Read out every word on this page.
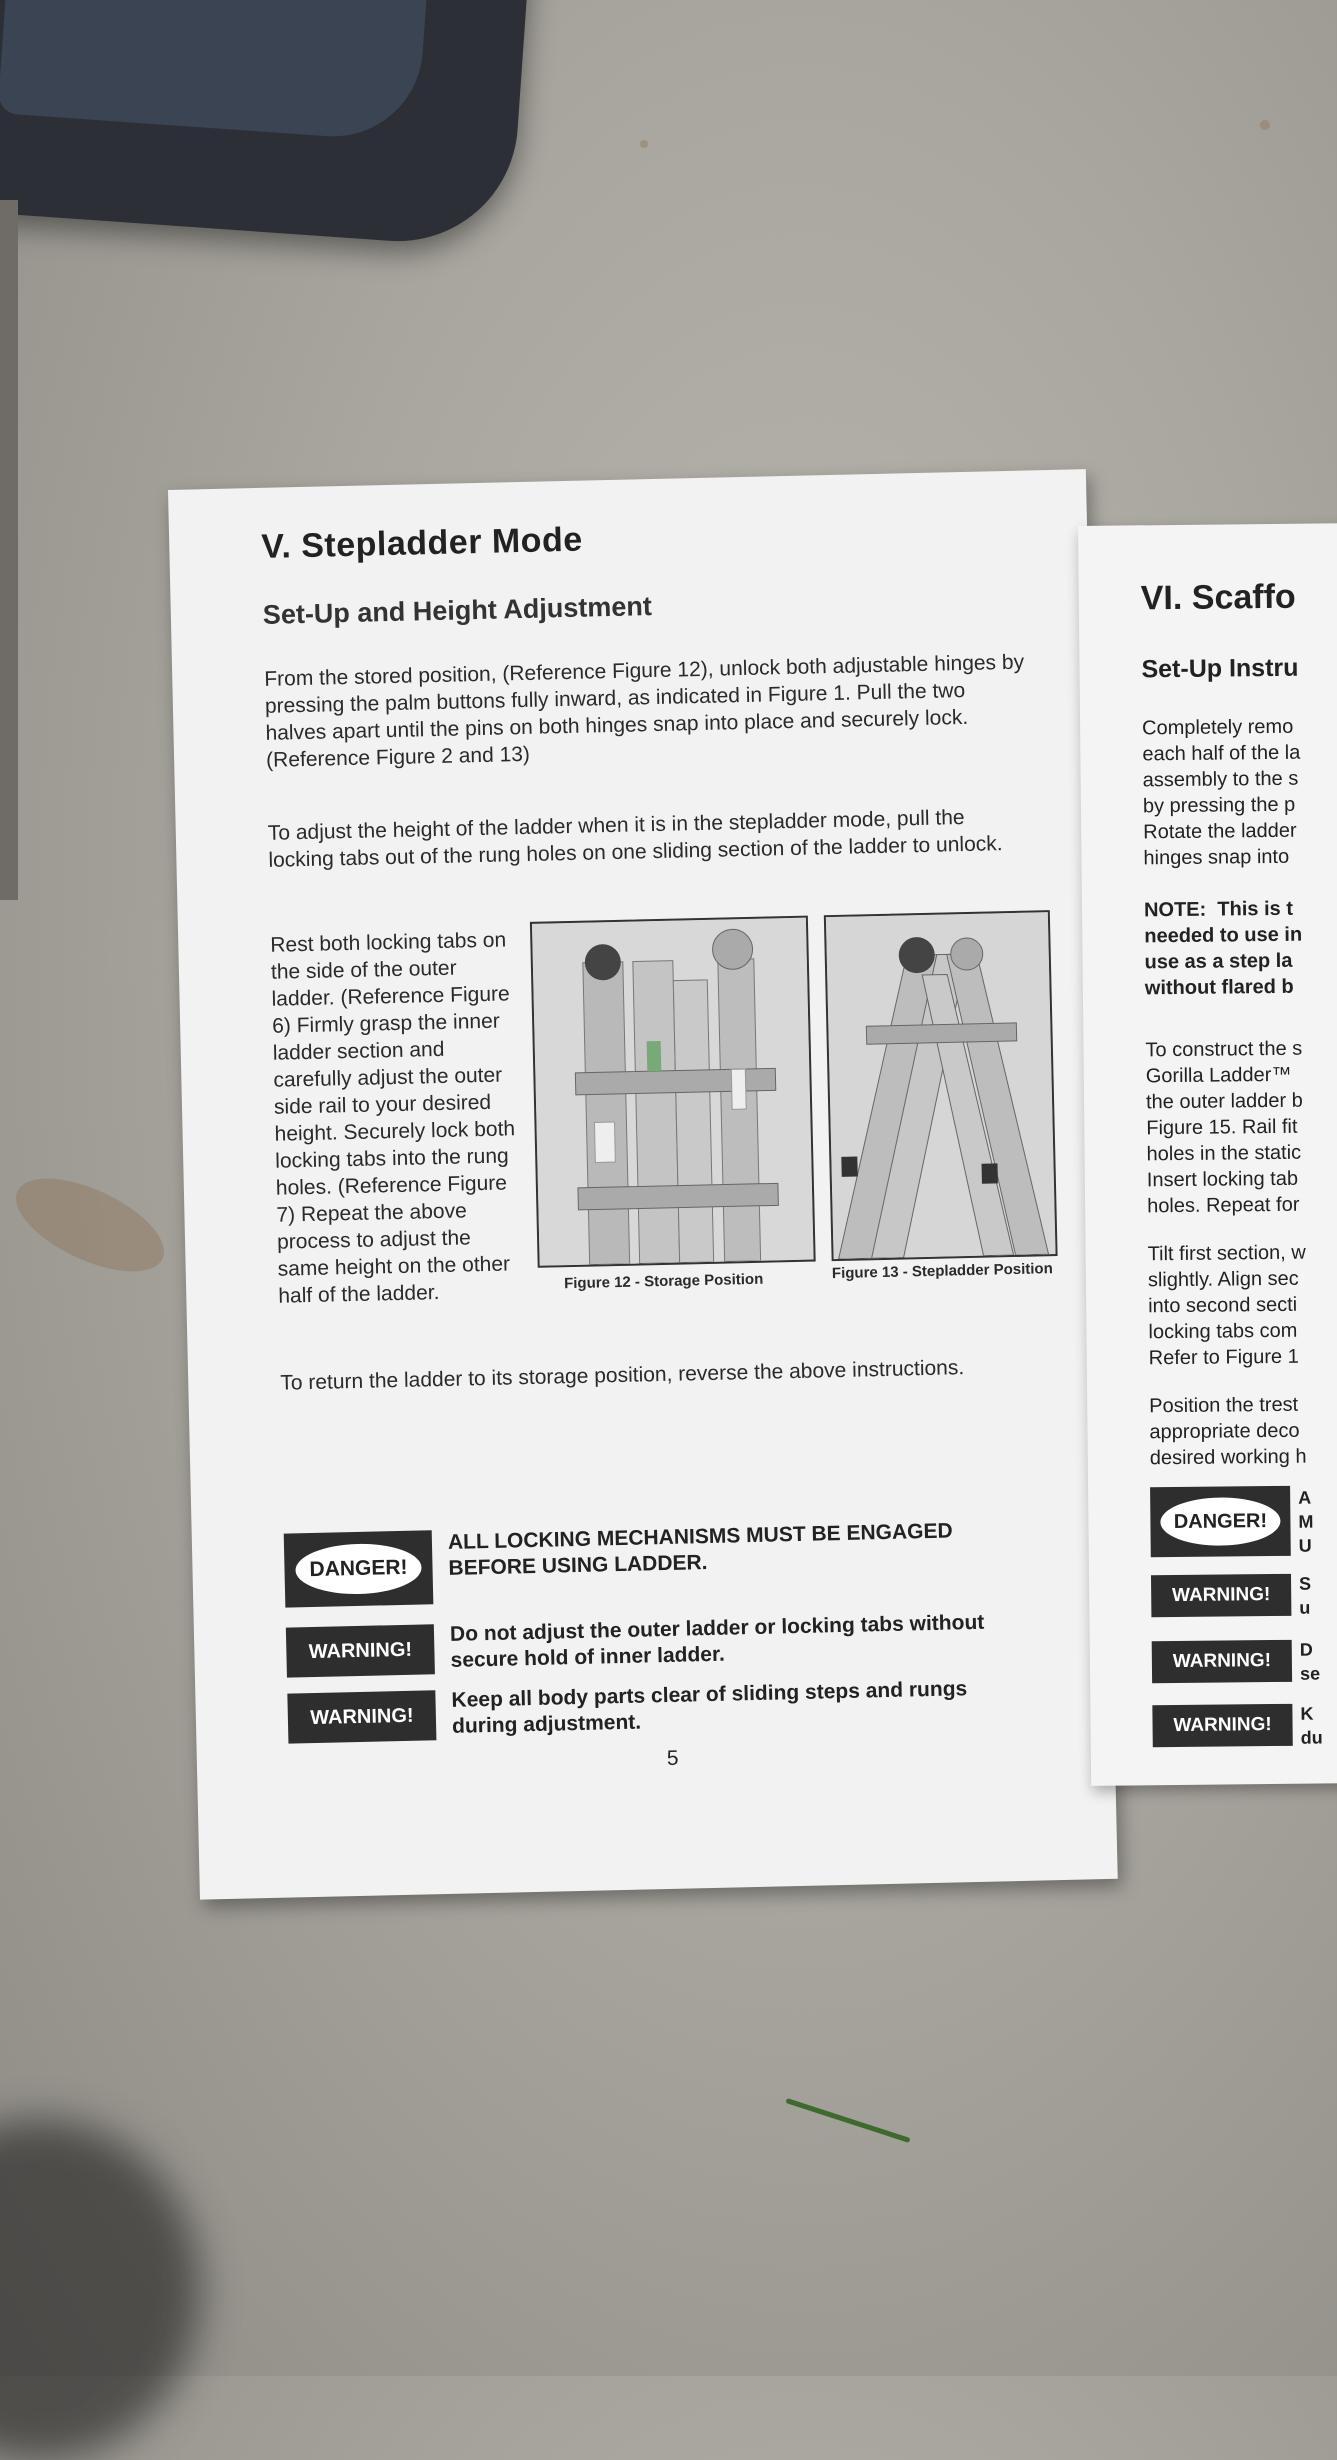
V. Stepladder Mode
Set-Up and Height Adjustment
From the stored position, (Reference Figure 12), unlock both adjustable hinges by pressing the palm buttons fully inward, as indicated in Figure 1. Pull the two halves apart until the pins on both hinges snap into place and securely lock. (Reference Figure 2 and 13)
To adjust the height of the ladder when it is in the stepladder mode, pull the locking tabs out of the rung holes on one sliding section of the ladder to unlock.
Rest both locking tabs on the side of the outer ladder. (Reference Figure 6) Firmly grasp the inner ladder section and carefully adjust the outer side rail to your desired height. Securely lock both locking tabs into the rung holes. (Reference Figure 7) Repeat the above process to adjust the same height on the other half of the ladder.	Figure 12 - Storage Position	Figure 13 - Stepladder Position
To return the ladder to its storage position, reverse the above instructions.
DANGER!
ALL LOCKING MECHANISMS MUST BE ENGAGED BEFORE USING LADDER.
WARNING!
Do not adjust the outer ladder or locking tabs without secure hold of inner ladder.
WARNING!
Keep all body parts clear of sliding steps and rungs during adjustment.
5
VI. Scaffo
Set-Up Instru
Completely remo
each half of the la
assembly to the s
by pressing the p
Rotate the ladder
hinges snap into
NOTE:  This is t
needed to use in
use as a step la
without flared b
To construct the s
Gorilla Ladder™
the outer ladder b
Figure 15. Rail fit
holes in the static
Insert locking tab
holes. Repeat for
Tilt first section, w
slightly. Align sec
into second secti
locking tabs com
Refer to Figure 1
Position the trest
appropriate deco
desired working h
DANGER!
A
M
U
WARNING!
S
u
WARNING!
D
se
WARNING!
K
du
